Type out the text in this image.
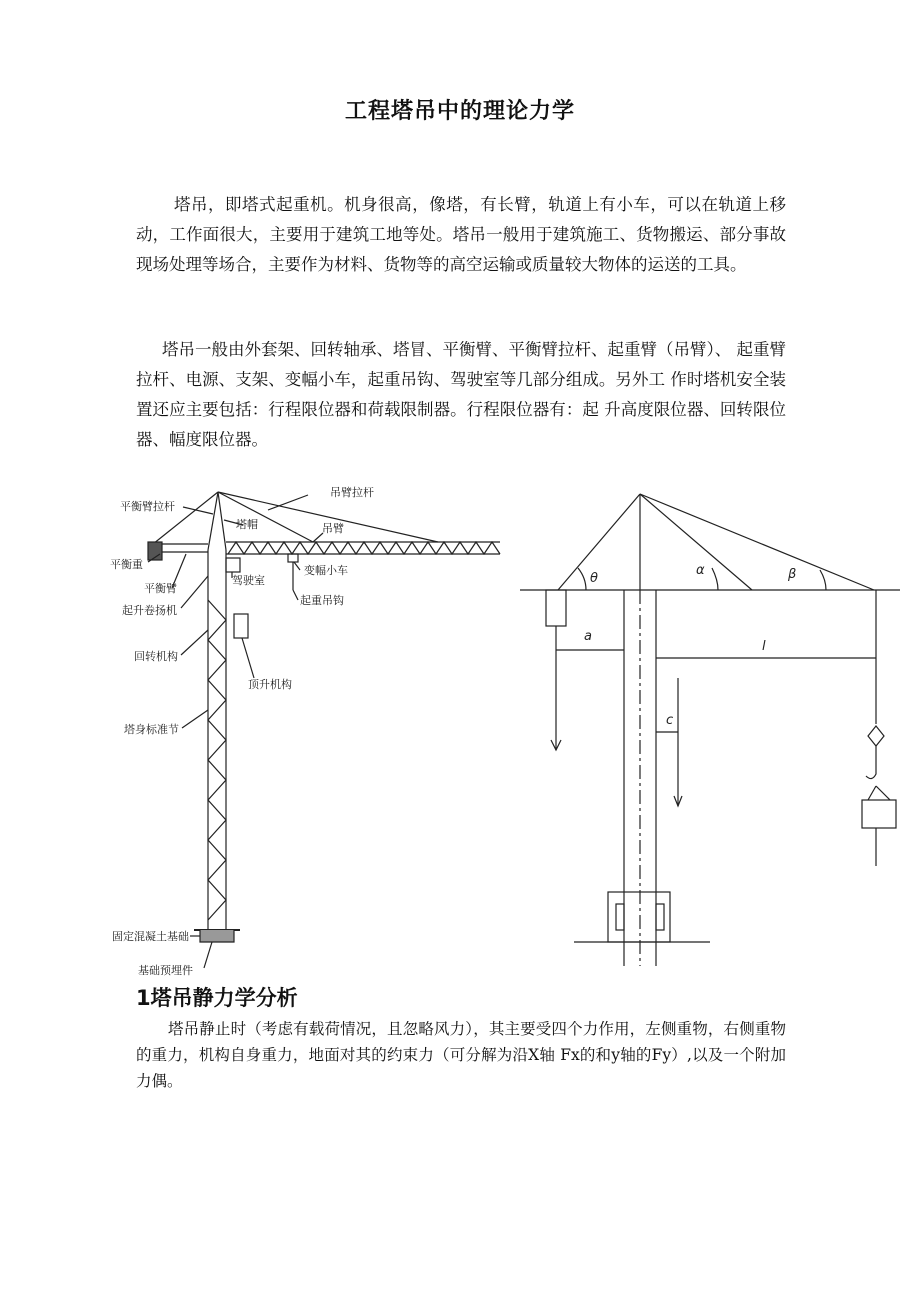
工程塔吊中的理论力学
塔吊，即塔式起重机。机身很高，像塔，有长臂，轨道上有小车，可以在轨道上移动，工作面很大，主要用于建筑工地等处。塔吊一般用于建筑施工、货物搬运、部分事故现场处理等场合，主要作为材料、货物等的高空运输或质量较大物体的运送的工具。
塔吊一般由外套架、回转轴承、塔冒、平衡臂、平衡臂拉杆、起重臂（吊臂）、 起重臂拉杆、电源、支架、变幅小车，起重吊钩、驾驶室等几部分组成。另外工 作时塔机安全装置还应主要包括：行程限位器和荷载限制器。行程限位器有：起 升高度限位器、回转限位器、幅度限位器。
平衡臂拉杆
平衡重
平衡臂
起升卷扬机
回转机构
塔身标准节
固定混凝土基础
基础预埋件
吊臂拉杆
塔帽	吊臂
驾驶室
变幅小车
起重吊钩
顶升机构
θ
α	β
a
l
c
1塔吊静力学分析
塔吊静止时（考虑有载荷情况，且忽略风力），其主要受四个力作用，左侧重物，右侧重物的重力，机构自身重力，地面对其的约束力（可分解为沿X轴 Fx的和y轴的Fy）,以及一个附加力偶。
